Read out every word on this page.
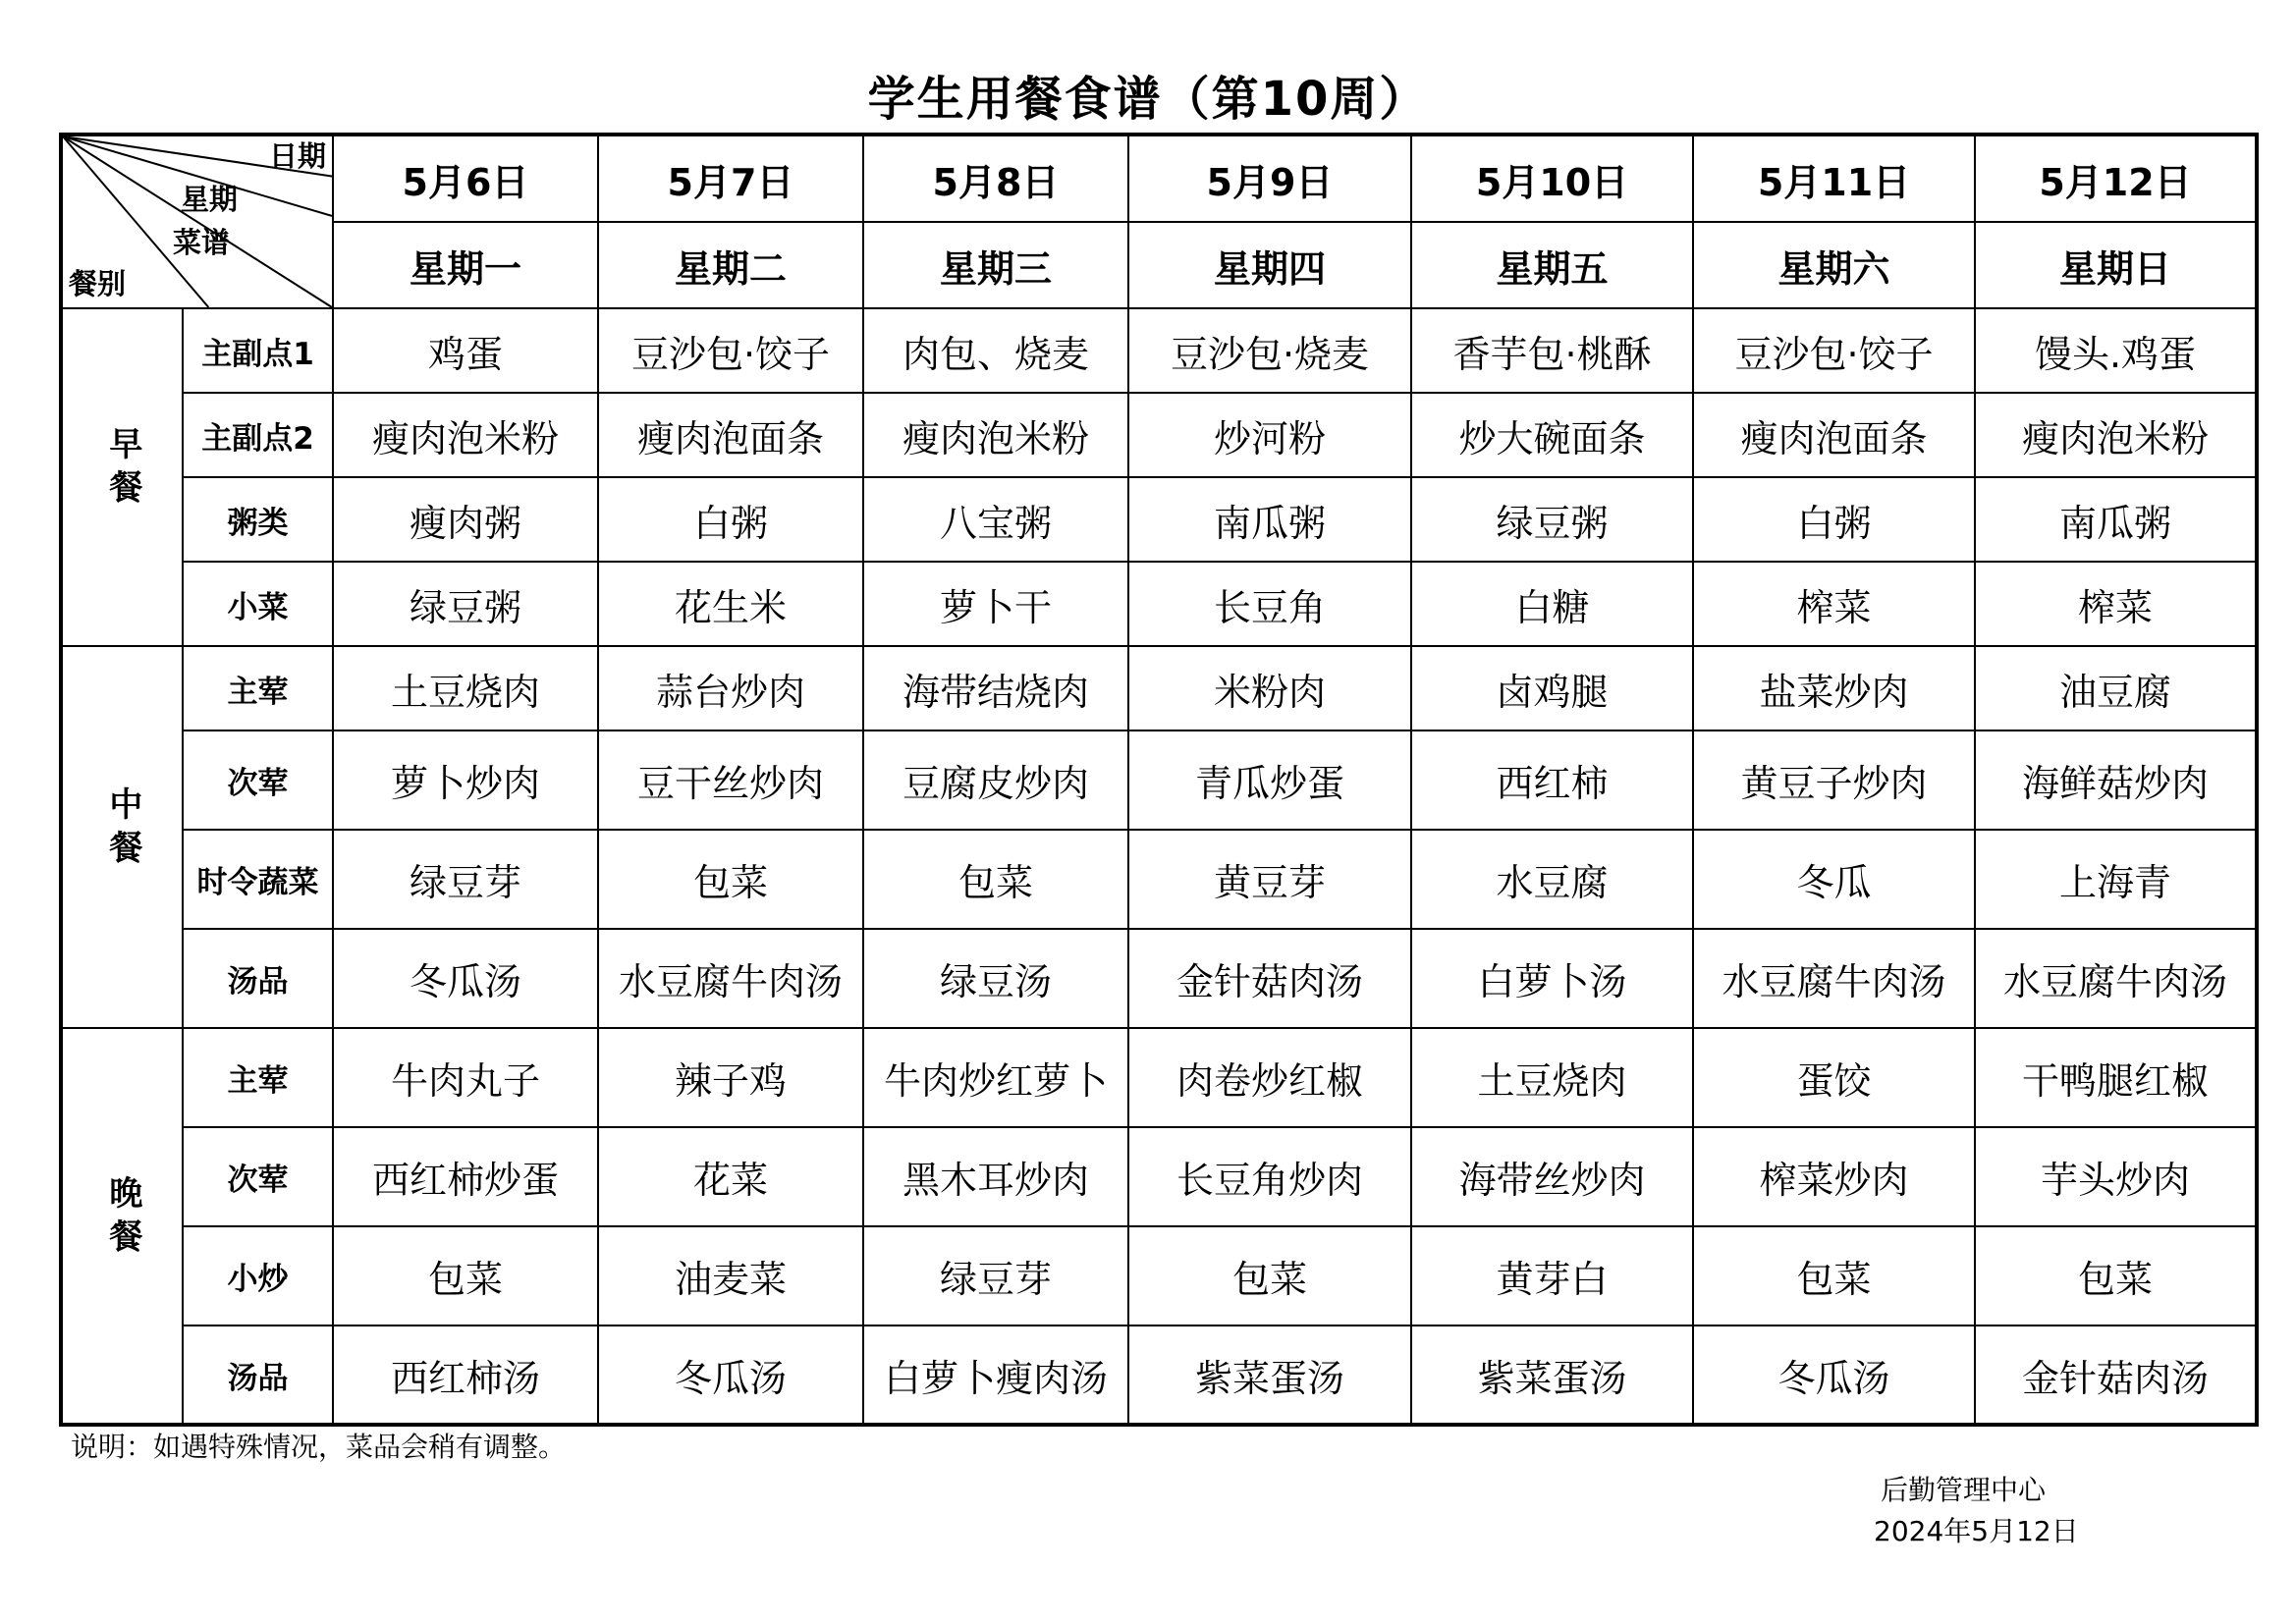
学生用餐食谱（第10周）
日期
星期
菜谱
餐别		5月6日	5月7日	5月8日	5月9日	5月10日	5月11日	5月12日
		星期一	星期二	星期三	星期四	星期五	星期六	星期日
早餐	主副点1	鸡蛋	豆沙包·饺子	肉包、烧麦	豆沙包·烧麦	香芋包·桃酥	豆沙包·饺子	馒头.鸡蛋
	主副点2	瘦肉泡米粉	瘦肉泡面条	瘦肉泡米粉	炒河粉	炒大碗面条	瘦肉泡面条	瘦肉泡米粉
	粥类	瘦肉粥	白粥	八宝粥	南瓜粥	绿豆粥	白粥	南瓜粥
	小菜	绿豆粥	花生米	萝卜干	长豆角	白糖	榨菜	榨菜
中餐	主荤	土豆烧肉	蒜台炒肉	海带结烧肉	米粉肉	卤鸡腿	盐菜炒肉	油豆腐
	次荤	萝卜炒肉	豆干丝炒肉	豆腐皮炒肉	青瓜炒蛋	西红柿	黄豆子炒肉	海鲜菇炒肉
	时令蔬菜	绿豆芽	包菜	包菜	黄豆芽	水豆腐	冬瓜	上海青
	汤品	冬瓜汤	水豆腐牛肉汤	绿豆汤	金针菇肉汤	白萝卜汤	水豆腐牛肉汤	水豆腐牛肉汤
晚餐	主荤	牛肉丸子	辣子鸡	牛肉炒红萝卜	肉卷炒红椒	土豆烧肉	蛋饺	干鸭腿红椒
	次荤	西红柿炒蛋	花菜	黑木耳炒肉	长豆角炒肉	海带丝炒肉	榨菜炒肉	芋头炒肉
	小炒	包菜	油麦菜	绿豆芽	包菜	黄芽白	包菜	包菜
	汤品	西红柿汤	冬瓜汤	白萝卜瘦肉汤	紫菜蛋汤	紫菜蛋汤	冬瓜汤	金针菇肉汤
说明：如遇特殊情况，菜品会稍有调整。
后勤管理中心
2024年5月12日
